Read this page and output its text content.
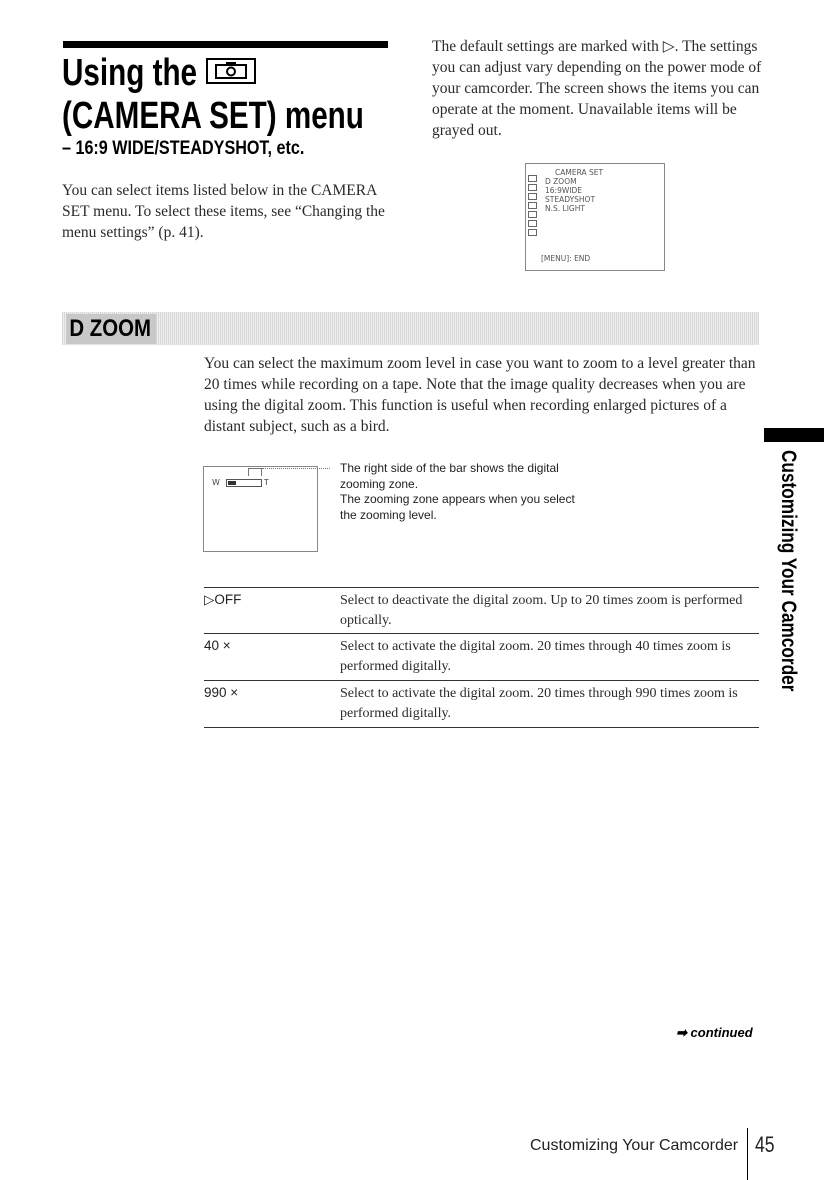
Using the
(CAMERA SET) menu
– 16:9 WIDE/STEADYSHOT, etc.
You can select items listed below in the CAMERA SET menu. To select these items, see “Changing the menu settings” (p. 41).
The default settings are marked with ▷. The settings you can adjust vary depending on the power mode of your camcorder. The screen shows the items you can operate at the moment. Unavailable items will be grayed out.
CAMERA SET
D ZOOM
16:9WIDE
STEADYSHOT
N.S. LIGHT
[MENU]: END
D ZOOM
You can select the maximum zoom level in case you want to zoom to a level greater than 20 times while recording on a tape. Note that the image quality decreases when you are using the digital zoom. This function is useful when recording enlarged pictures of a distant subject, such as a bird.
W	T
The right side of the bar shows the digital
zooming zone.
The zooming zone appears when you select
the zooming level.
▷OFF	Select to deactivate the digital zoom. Up to 20 times zoom is performed optically.
40 ×	Select to activate the digital zoom. 20 times through 40 times zoom is performed digitally.
990 ×	Select to activate the digital zoom. 20 times through 990 times zoom is performed digitally.
Customizing Your Camcorder
➡ continued
Customizing Your Camcorder 45
